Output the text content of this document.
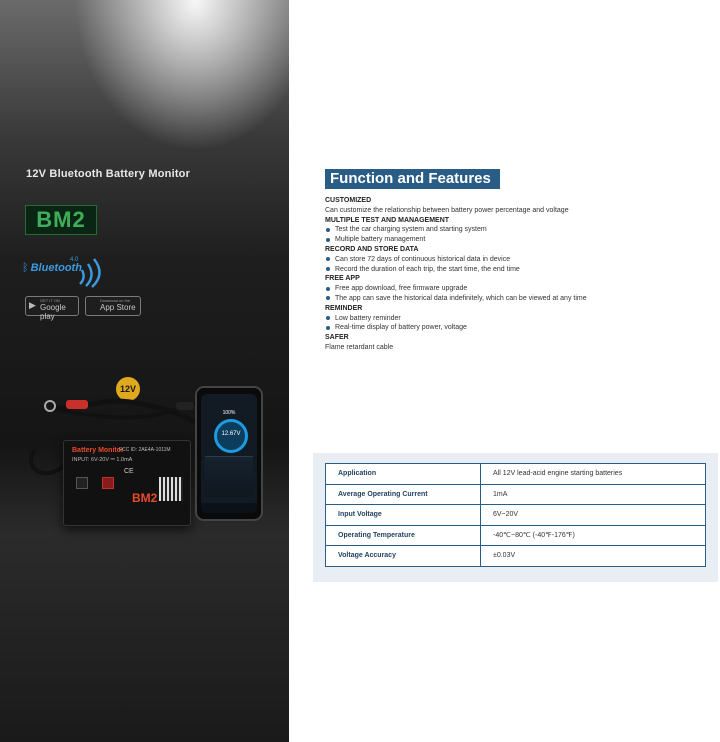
12V Bluetooth Battery Monitor
BM2
ᛒ Bluetooth
4.0
▶ GET IT ON
Google play
Download on the
App Store
12V
Battery Monitor
FCC ID: 2AE4A-1011M
INPUT: 6V-20V ⎓ 1.0mA
CE
BM2
100%
12.67V
Function and Features
CUSTOMIZED
Can customize the relationship between battery power percentage and voltage
MULTIPLE TEST AND MANAGEMENT
Test the car charging system and starting system
Multiple battery management
RECORD AND STORE DATA
Can store 72 days of continuous historical data in device
Record the duration of each trip, the start time, the end time
FREE APP
Free app download, free firmware upgrade
The app can save the historical data indefinitely, which can be viewed at any time
REMINDER
Low battery reminder
Real-time display of battery power, voltage
SAFER
Flame retardant cable
Application	All 12V lead-acid engine starting batteries
Average Operating Current	1mA
Input Voltage	6V~20V
Operating Temperature	-40℃~80℃ (-40℉-176℉)
Voltage Accuracy	±0.03V
